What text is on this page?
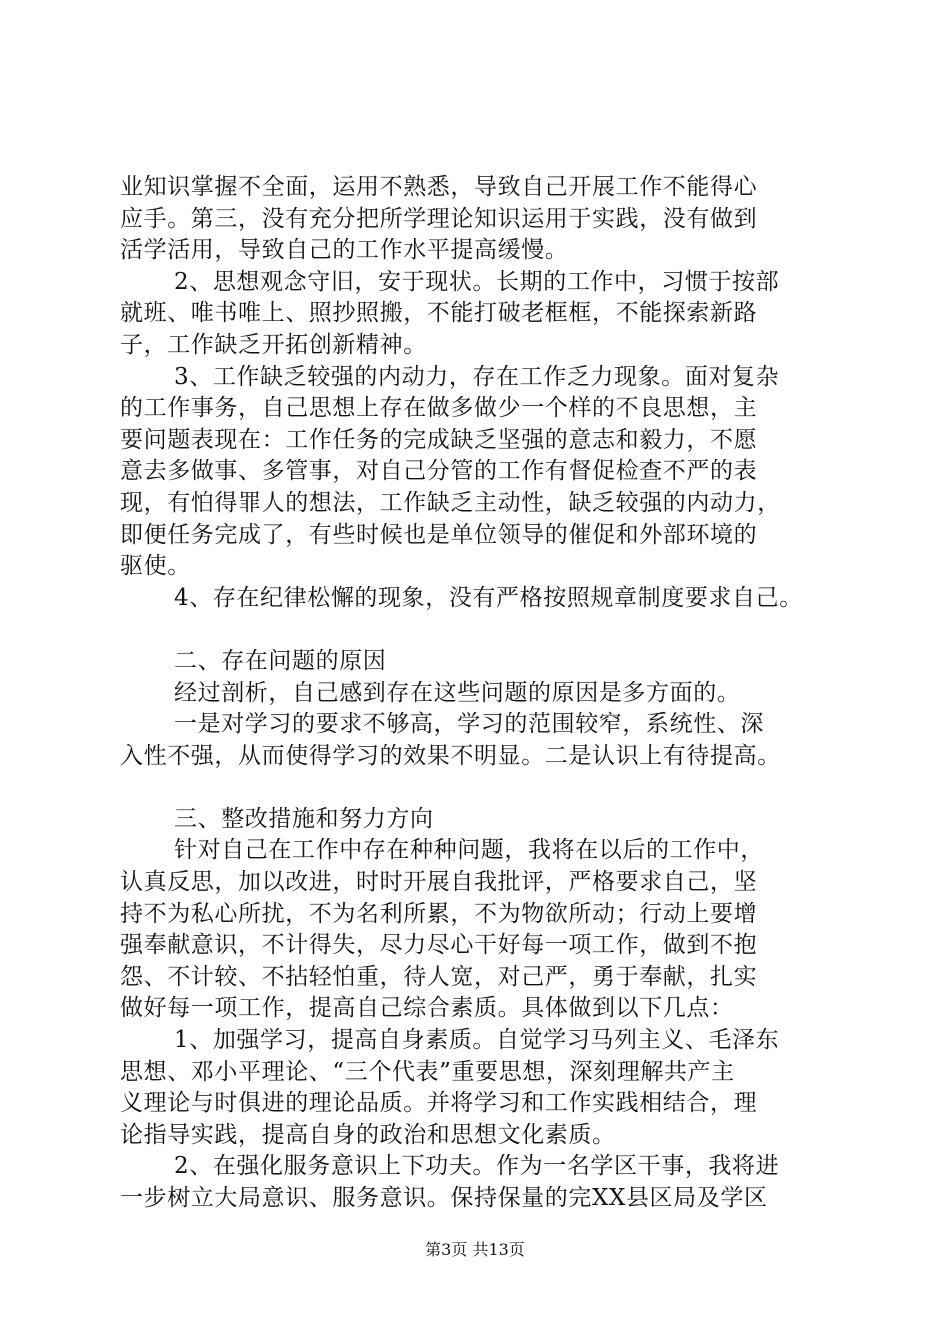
业知识掌握不全面，运用不熟悉，导致自己开展工作不能得心
应手。第三，没有充分把所学理论知识运用于实践，没有做到
活学活用，导致自己的工作水平提高缓慢。
2、思想观念守旧，安于现状。长期的工作中，习惯于按部
就班、唯书唯上、照抄照搬，不能打破老框框，不能探索新路
子，工作缺乏开拓创新精神。
3、工作缺乏较强的内动力，存在工作乏力现象。面对复杂
的工作事务，自己思想上存在做多做少一个样的不良思想，主
要问题表现在：工作任务的完成缺乏坚强的意志和毅力，不愿
意去多做事、多管事，对自己分管的工作有督促检查不严的表
现，有怕得罪人的想法，工作缺乏主动性，缺乏较强的内动力，
即便任务完成了，有些时候也是单位领导的催促和外部环境的
驱使。
4、存在纪律松懈的现象，没有严格按照规章制度要求自己。
二、存在问题的原因
经过剖析，自己感到存在这些问题的原因是多方面的。
一是对学习的要求不够高，学习的范围较窄，系统性、深
入性不强，从而使得学习的效果不明显。二是认识上有待提高。
三、整改措施和努力方向
针对自己在工作中存在种种问题，我将在以后的工作中，
认真反思，加以改进，时时开展自我批评，严格要求自己，坚
持不为私心所扰，不为名利所累，不为物欲所动；行动上要增
强奉献意识，不计得失，尽力尽心干好每一项工作，做到不抱
怨、不计较、不拈轻怕重，待人宽，对己严，勇于奉献，扎实
做好每一项工作，提高自己综合素质。具体做到以下几点：
1、加强学习，提高自身素质。自觉学习马列主义、毛泽东
思想、邓小平理论、“三个代表”重要思想，深刻理解共产主
义理论与时俱进的理论品质。并将学习和工作实践相结合，理
论指导实践，提高自身的政治和思想文化素质。
2、在强化服务意识上下功夫。作为一名学区干事，我将进
一步树立大局意识、服务意识。保持保量的完XX县区局及学区
第3页 共13页
